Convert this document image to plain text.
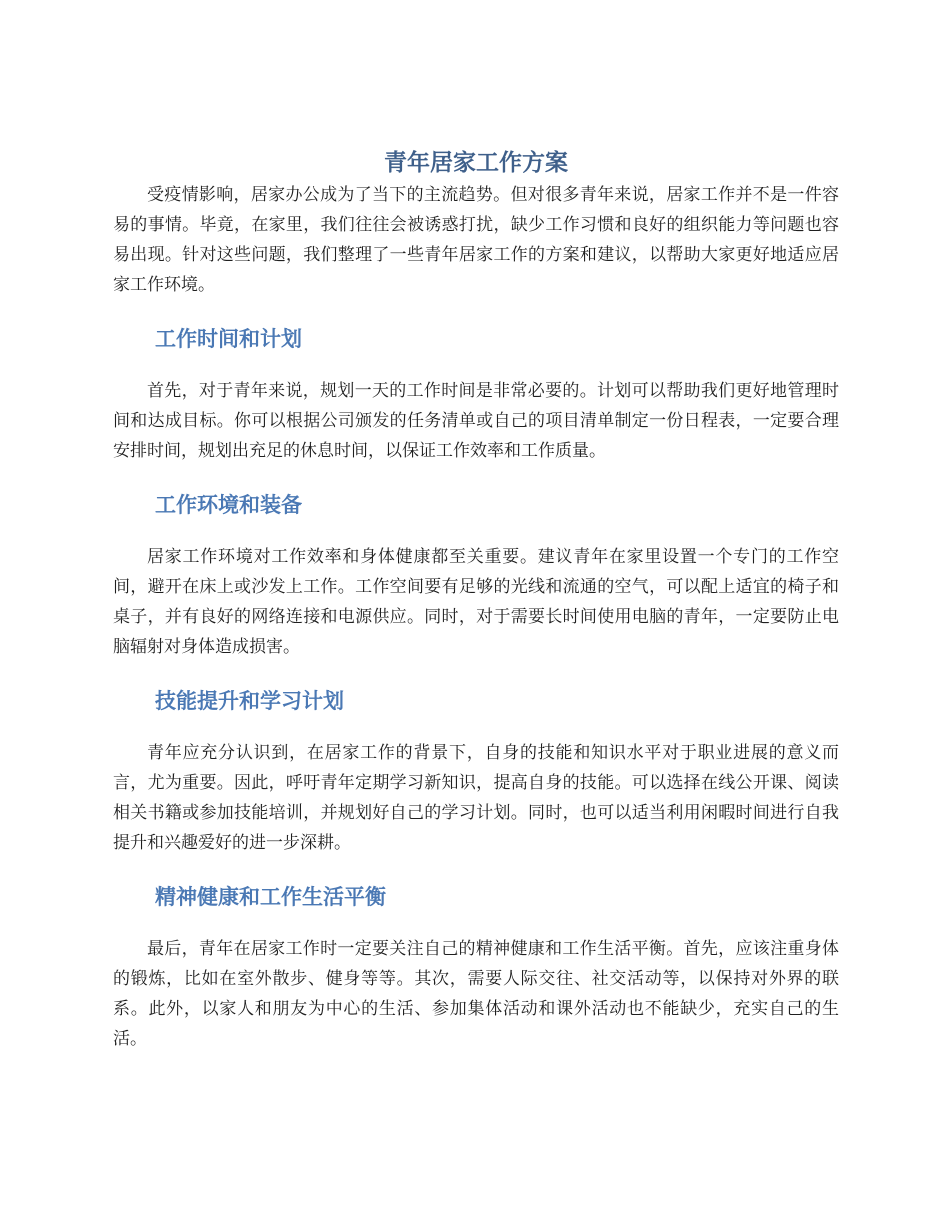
青年居家工作方案

受疫情影响，居家办公成为了当下的主流趋势。但对很多青年来说，居家工作并不是一件容易的事情。毕竟，在家里，我们往往会被诱惑打扰，缺少工作习惯和良好的组织能力等问题也容易出现。针对这些问题，我们整理了一些青年居家工作的方案和建议，以帮助大家更好地适应居家工作环境。

工作时间和计划

首先，对于青年来说，规划一天的工作时间是非常必要的。计划可以帮助我们更好地管理时间和达成目标。你可以根据公司颁发的任务清单或自己的项目清单制定一份日程表，一定要合理安排时间，规划出充足的休息时间，以保证工作效率和工作质量。

工作环境和装备

居家工作环境对工作效率和身体健康都至关重要。建议青年在家里设置一个专门的工作空间，避开在床上或沙发上工作。工作空间要有足够的光线和流通的空气，可以配上适宜的椅子和桌子，并有良好的网络连接和电源供应。同时，对于需要长时间使用电脑的青年，一定要防止电脑辐射对身体造成损害。

技能提升和学习计划

青年应充分认识到，在居家工作的背景下，自身的技能和知识水平对于职业进展的意义而言，尤为重要。因此，呼吁青年定期学习新知识，提高自身的技能。可以选择在线公开课、阅读相关书籍或参加技能培训，并规划好自己的学习计划。同时，也可以适当利用闲暇时间进行自我提升和兴趣爱好的进一步深耕。

精神健康和工作生活平衡

最后，青年在居家工作时一定要关注自己的精神健康和工作生活平衡。首先，应该注重身体的锻炼，比如在室外散步、健身等等。其次，需要人际交往、社交活动等，以保持对外界的联系。此外，以家人和朋友为中心的生活、参加集体活动和课外活动也不能缺少，充实自己的生活。
